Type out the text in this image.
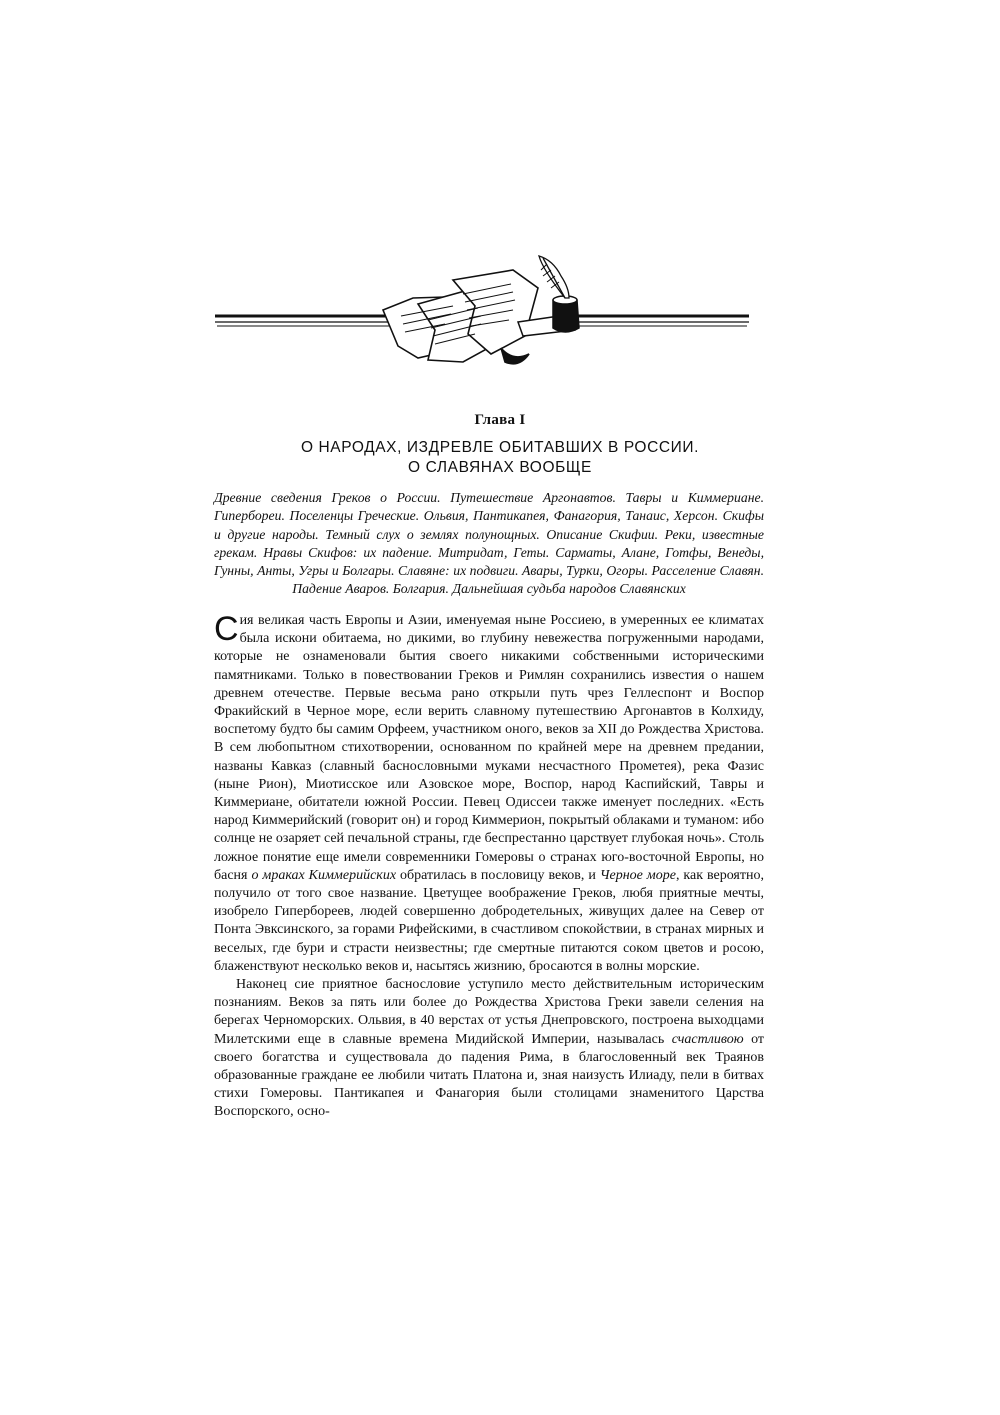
Глава I
О НАРОДАХ, ИЗДРЕВЛЕ ОБИТАВШИХ В РОССИИ.
О СЛАВЯНАХ ВООБЩЕ

Древние сведения Греков о России. Путешествие Аргонавтов. Тавры и Киммериане. Гипербореи. Поселенцы Греческие. Ольвия, Пантикапея, Фанагория, Танаис, Херсон. Скифы и другие народы. Темный слух о землях полунощных. Описание Скифии. Реки, известные грекам. Нравы Скифов: их падение. Митридат, Геты. Сарматы, Алане, Готфы, Венеды, Гунны, Анты, Угры и Болгары. Славяне: их подвиги. Авары, Турки, Огоры. Расселение Славян. Падение Аваров. Болгария. Дальнейшая судьба народов Славянских

Сия великая часть Европы и Азии, именуемая ныне Россиею, в умеренных ее климатах была искони обитаема, но дикими, во глубину невежества погруженными народами, которые не ознаменовали бытия своего никакими собственными историческими памятниками. Только в повествовании Греков и Римлян сохранились известия о нашем древнем отечестве. Первые весьма рано открыли путь чрез Геллеспонт и Воспор Фракийский в Черное море, если верить славному путешествию Аргонавтов в Колхиду, воспетому будто бы самим Орфеем, участником оного, веков за XII до Рождества Христова. В сем любопытном стихотворении, основанном по крайней мере на древнем предании, названы Кавказ (славный баснословными муками несчастного Прометея), река Фазис (ныне Рион), Миотисское или Азовское море, Воспор, народ Каспийский, Тавры и Киммериане, обитатели южной России. Певец Одиссеи также именует последних. «Есть народ Киммерийский (говорит он) и город Киммерион, покрытый облаками и туманом: ибо солнце не озаряет сей печальной страны, где беспрестанно царствует глубокая ночь». Столь ложное понятие еще имели современники Гомеровы о странах юго-восточной Европы, но басня о мраках Киммерийских обратилась в пословицу веков, и Черное море, как вероятно, получило от того свое название. Цветущее воображение Греков, любя приятные мечты, изобрело Гипербореев, людей совершенно добродетельных, живущих далее на Север от Понта Эвксинского, за горами Рифейскими, в счастливом спокойствии, в странах мирных и веселых, где бури и страсти неизвестны; где смертные питаются соком цветов и росою, блаженствуют несколько веков и, насытясь жизнию, бросаются в волны морские.

Наконец сие приятное баснословие уступило место действительным историческим познаниям. Веков за пять или более до Рождества Христова Греки завели селения на берегах Черноморских. Ольвия, в 40 верстах от устья Днепровского, построена выходцами Милетскими еще в славные времена Мидийской Империи, называлась счастливою от своего богатства и существовала до падения Рима, в благословенный век Траянов образованные граждане ее любили читать Платона и, зная наизусть Илиаду, пели в битвах стихи Гомеровы. Пантикапея и Фанагория были столицами знаменитого Царства Воспорского, осно-
